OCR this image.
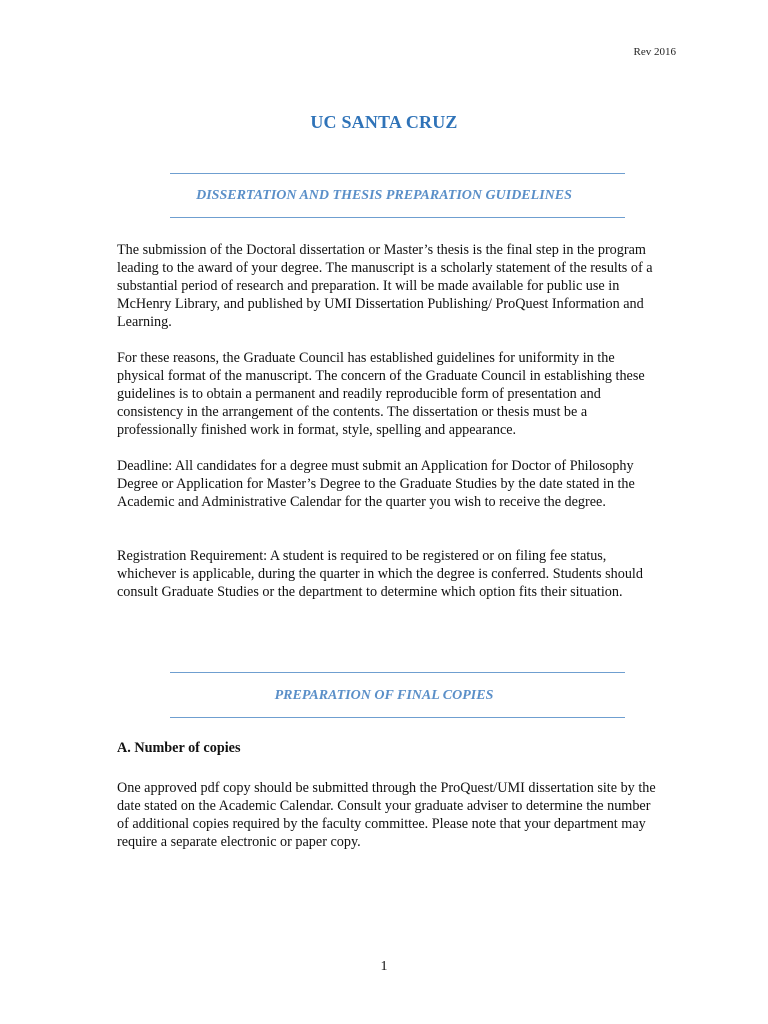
Rev 2016
UC SANTA CRUZ
DISSERTATION AND THESIS PREPARATION GUIDELINES

The submission of the Doctoral dissertation or Master’s thesis is the final step in the program leading to the award of your degree. The manuscript is a scholarly statement of the results of a substantial period of research and preparation. It will be made available for public use in McHenry Library, and published by UMI Dissertation Publishing/ ProQuest Information and Learning.

For these reasons, the Graduate Council has established guidelines for uniformity in the physical format of the manuscript. The concern of the Graduate Council in establishing these guidelines is to obtain a permanent and readily reproducible form of presentation and consistency in the arrangement of the contents. The dissertation or thesis must be a professionally finished work in format, style, spelling and appearance.

Deadline: All candidates for a degree must submit an Application for Doctor of Philosophy Degree or Application for Master’s Degree to the Graduate Studies by the date stated in the Academic and Administrative Calendar for the quarter you wish to receive the degree.

Registration Requirement: A student is required to be registered or on filing fee status, whichever is applicable, during the quarter in which the degree is conferred. Students should consult Graduate Studies or the department to determine which option fits their situation.

PREPARATION OF FINAL COPIES

A. Number of copies

One approved pdf copy should be submitted through the ProQuest/UMI dissertation site by the date stated on the Academic Calendar. Consult your graduate adviser to determine the number of additional copies required by the faculty committee. Please note that your department may require a separate electronic or paper copy.

1
